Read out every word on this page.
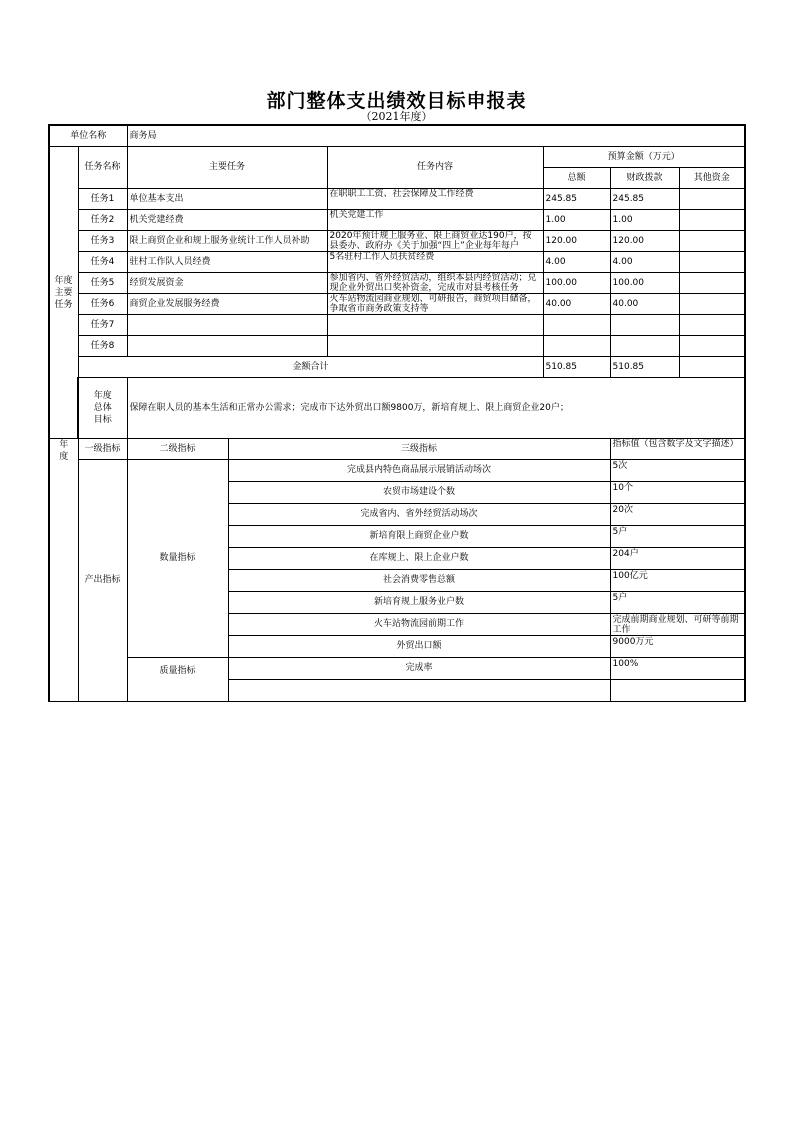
部门整体支出绩效目标申报表
（2021年度）
单位名称		商务局					
年度主要任务	任务名称	主要任务		任务内容	预算金额（万元）		
					总额	财政拨款	其他资金
	任务1	单位基本支出		在职职工工资、社会保障及工作经费	245.85	245.85	
	任务2	机关党建经费		机关党建工作	1.00	1.00	
	任务3	限上商贸企业和规上服务业统计工作人员补助		2020年预计规上服务业、限上商贸业达190户，按县委办、政府办《关于加强“四上”企业每年每户	120.00	120.00	
	任务4	驻村工作队人员经费		5名驻村工作人员扶贫经费	4.00	4.00	
	任务5	经贸发展资金		参加省内、省外经贸活动，组织本县内经贸活动；兑现企业外贸出口奖补资金，完成市对县考核任务	100.00	100.00	
	任务6	商贸企业发展服务经费		火车站物流园商业规划、可研报告，商贸项目储备，争取省市商务政策支持等	40.00	40.00	
	任务7			

	任务8			

	金额合计				510.85	510.85	
	年度总体目标	保障在职人员的基本生活和正常办公需求；完成市下达外贸出口额9800万，新培育规上、限上商贸企业20户；					
年度	一级指标	二级指标	三级指标			指标值（包含数字及文字描述）	

	产出指标	数量指标	完成县内特色商品展示展销活动场次			5次	

			农贸市场建设个数			10个	

			完成省内、省外经贸活动场次			20次	

			新培育限上商贸企业户数			5户	

			在库规上、限上企业户数			204户	

			社会消费零售总额			100亿元	

			新培育规上服务业户数			5户	

			火车站物流园前期工作			完成前期商业规划、可研等前期工作	

			外贸出口额			9000万元	

		质量指标	完成率			100%	
